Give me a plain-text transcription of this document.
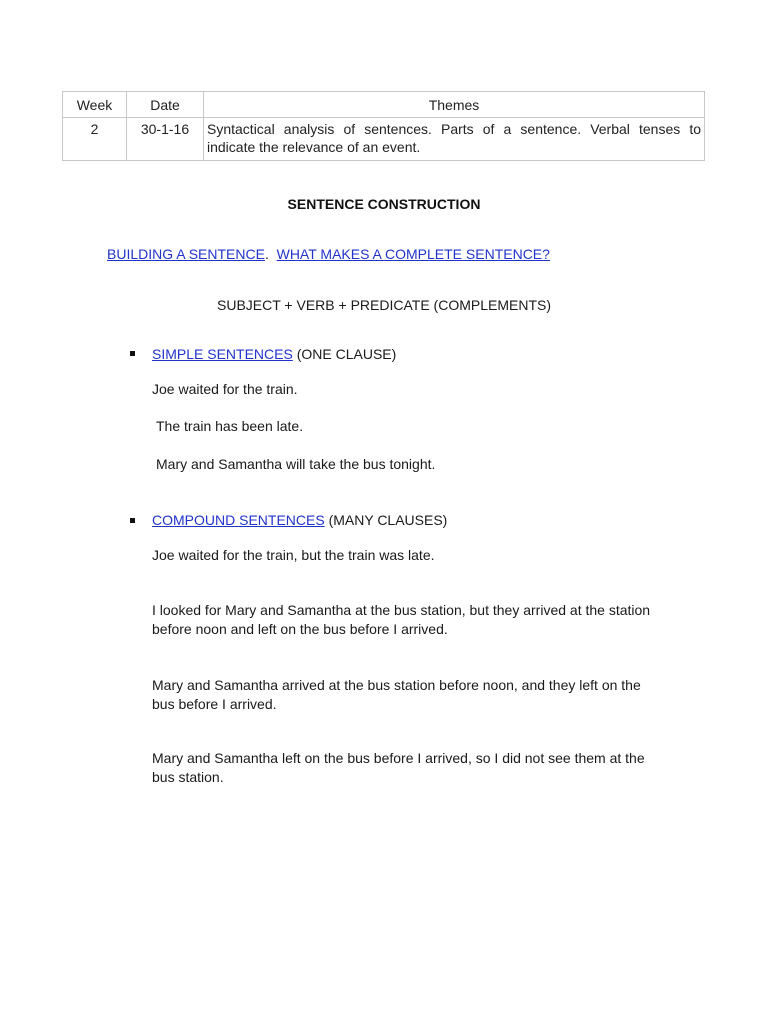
Week	Date	Themes
2	30-1-16	Syntactical analysis of sentences. Parts of a sentence. Verbal tenses to indicate the relevance of an event.
SENTENCE CONSTRUCTION
BUILDING A SENTENCE. WHAT MAKES A COMPLETE SENTENCE?
SUBJECT + VERB + PREDICATE (COMPLEMENTS)
SIMPLE SENTENCES (ONE CLAUSE)
Joe waited for the train.
The train has been late.
Mary and Samantha will take the bus tonight.
COMPOUND SENTENCES (MANY CLAUSES)
Joe waited for the train, but the train was late.
I looked for Mary and Samantha at the bus station, but they arrived at the station before noon and left on the bus before I arrived.
Mary and Samantha arrived at the bus station before noon, and they left on the bus before I arrived.
Mary and Samantha left on the bus before I arrived, so I did not see them at the bus station.
